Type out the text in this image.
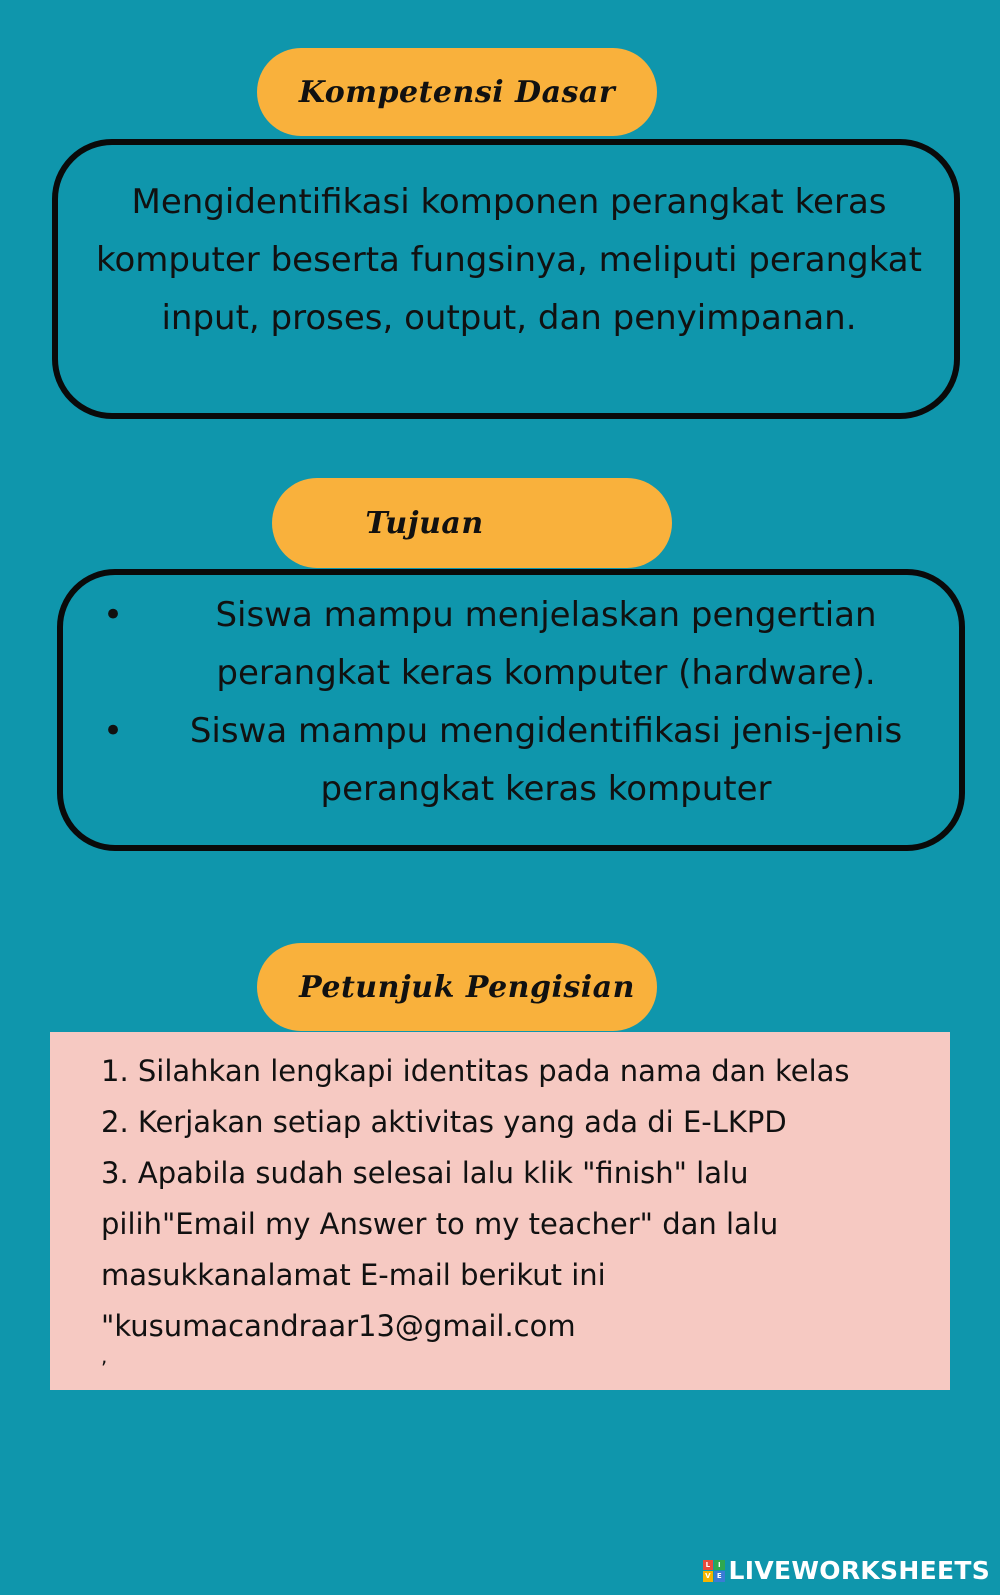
Kompetensi Dasar
Mengidentifikasi komponen perangkat keras komputer beserta fungsinya, meliputi perangkat input, proses, output, dan penyimpanan.
Tujuan
•	Siswa mampu menjelaskan pengertian perangkat keras komputer (hardware).
•	Siswa mampu mengidentifikasi jenis-jenis perangkat keras komputer
Petunjuk Pengisian
1. Silahkan lengkapi identitas pada nama dan kelas
2. Kerjakan setiap aktivitas yang ada di E-LKPD
3. Apabila sudah selesai lalu klik "finish" lalu
pilih"Email my Answer to my teacher" dan lalu
masukkanalamat E-mail berikut ini
"kusumacandraar13@gmail.com
,
L	I
V E LIVEWORKSHEETS
